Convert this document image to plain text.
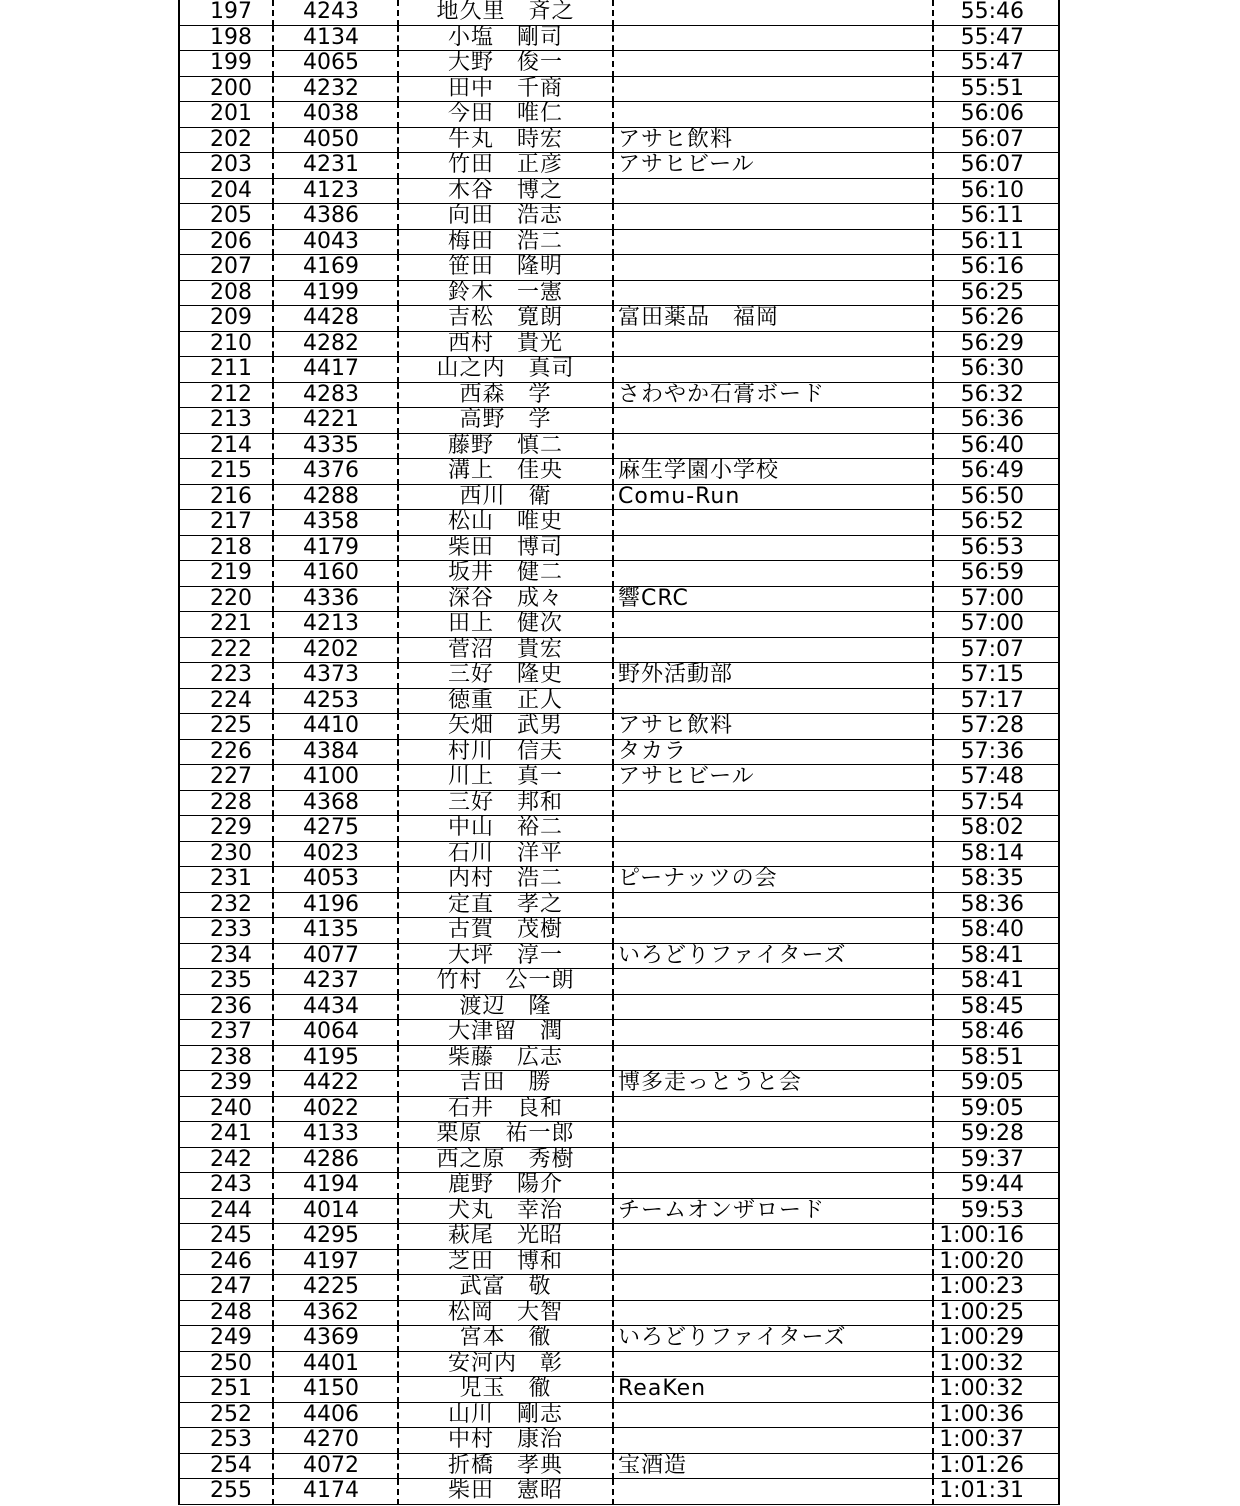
197	4243	地久里　斉之		55:46
198	4134	小塩　剛司		55:47
199	4065	大野　俊一		55:47
200	4232	田中　千商		55:51
201	4038	今田　唯仁		56:06
202	4050	牛丸　時宏	アサヒ飲料	56:07
203	4231	竹田　正彦	アサヒビール	56:07
204	4123	木谷　博之		56:10
205	4386	向田　浩志		56:11
206	4043	梅田　浩二		56:11
207	4169	笹田　隆明		56:16
208	4199	鈴木　一憲		56:25
209	4428	吉松　寛朗	富田薬品　福岡	56:26
210	4282	西村　貴光		56:29
211	4417	山之内　真司		56:30
212	4283	西森　学	さわやか石膏ボード	56:32
213	4221	高野　学		56:36
214	4335	藤野　慎二		56:40
215	4376	溝上　佳央	麻生学園小学校	56:49
216	4288	西川　衛	Comu-Run	56:50
217	4358	松山　唯史		56:52
218	4179	柴田　博司		56:53
219	4160	坂井　健二		56:59
220	4336	深谷　成々	響CRC	57:00
221	4213	田上　健次		57:00
222	4202	菅沼　貴宏		57:07
223	4373	三好　隆史	野外活動部	57:15
224	4253	徳重　正人		57:17
225	4410	矢畑　武男	アサヒ飲料	57:28
226	4384	村川　信夫	タカラ	57:36
227	4100	川上　真一	アサヒビール	57:48
228	4368	三好　邦和		57:54
229	4275	中山　裕二		58:02
230	4023	石川　洋平		58:14
231	4053	内村　浩二	ピーナッツの会	58:35
232	4196	定直　孝之		58:36
233	4135	古賀　茂樹		58:40
234	4077	大坪　淳一	いろどりファイターズ	58:41
235	4237	竹村　公一朗		58:41
236	4434	渡辺　隆		58:45
237	4064	大津留　潤		58:46
238	4195	柴藤　広志		58:51
239	4422	吉田　勝	博多走っとうと会	59:05
240	4022	石井　良和		59:05
241	4133	栗原　祐一郎		59:28
242	4286	西之原　秀樹		59:37
243	4194	鹿野　陽介		59:44
244	4014	犬丸　幸治	チームオンザロード	59:53
245	4295	萩尾　光昭		1:00:16
246	4197	芝田　博和		1:00:20
247	4225	武富　敬		1:00:23
248	4362	松岡　大智		1:00:25
249	4369	宮本　徹	いろどりファイターズ	1:00:29
250	4401	安河内　彰		1:00:32
251	4150	児玉　徹	ReaKen	1:00:32
252	4406	山川　剛志		1:00:36
253	4270	中村　康治		1:00:37
254	4072	折橋　孝典	宝酒造	1:01:26
255	4174	柴田　憲昭		1:01:31
